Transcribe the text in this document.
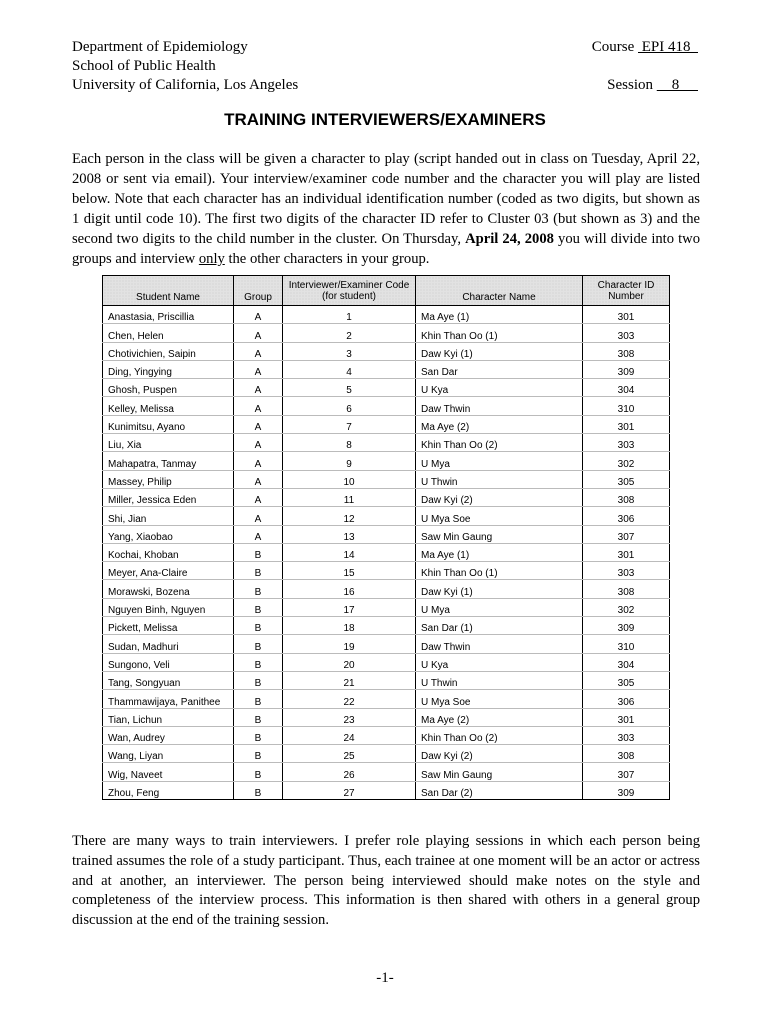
Department of Epidemiology
School of Public Health
University of California, Los Angeles
Course  EPI 418
Session     8
TRAINING INTERVIEWERS/EXAMINERS

Each person in the class will be given a character to play (script handed out in class on Tuesday, April 22, 2008 or sent via email). Your interview/examiner code number and the character you will play are listed below. Note that each character has an individual identification number (coded as two digits, but shown as 1 digit until code 10). The first two digits of the character ID refer to Cluster 03 (but shown as 3) and the second two digits to the child number in the cluster. On Thursday, April 24, 2008 you will divide into two groups and interview only the other characters in your group.

Student Name	Group	Interviewer/Examiner Code (for student)	Character Name	Character ID Number
Anastasia, Priscillia	A	1	Ma Aye (1)	301
Chen, Helen	A	2	Khin Than Oo (1)	303
Chotivichien, Saipin	A	3	Daw Kyi (1)	308
Ding, Yingying	A	4	San Dar	309
Ghosh, Puspen	A	5	U Kya	304
Kelley, Melissa	A	6	Daw Thwin	310
Kunimitsu, Ayano	A	7	Ma Aye (2)	301
Liu, Xia	A	8	Khin Than Oo (2)	303
Mahapatra, Tanmay	A	9	U Mya	302
Massey, Philip	A	10	U Thwin	305
Miller, Jessica Eden	A	11	Daw Kyi (2)	308
Shi, Jian	A	12	U Mya Soe	306
Yang, Xiaobao	A	13	Saw Min Gaung	307
Kochai, Khoban	B	14	Ma Aye (1)	301
Meyer, Ana-Claire	B	15	Khin Than Oo (1)	303
Morawski, Bozena	B	16	Daw Kyi (1)	308
Nguyen Binh, Nguyen	B	17	U Mya	302
Pickett, Melissa	B	18	San Dar (1)	309
Sudan, Madhuri	B	19	Daw Thwin	310
Sungono, Veli	B	20	U Kya	304
Tang, Songyuan	B	21	U Thwin	305
Thammawijaya, Panithee	B	22	U Mya Soe	306
Tian, Lichun	B	23	Ma Aye (2)	301
Wan, Audrey	B	24	Khin Than Oo (2)	303
Wang, Liyan	B	25	Daw Kyi (2)	308
Wig, Naveet	B	26	Saw Min Gaung	307
Zhou, Feng	B	27	San Dar (2)	309

There are many ways to train interviewers. I prefer role playing sessions in which each person being trained assumes the role of a study participant. Thus, each trainee at one moment will be an actor or actress and at another, an interviewer. The person being interviewed should make notes on the style and completeness of the interview process. This information is then shared with others in a general group discussion at the end of the training session.

-1-
